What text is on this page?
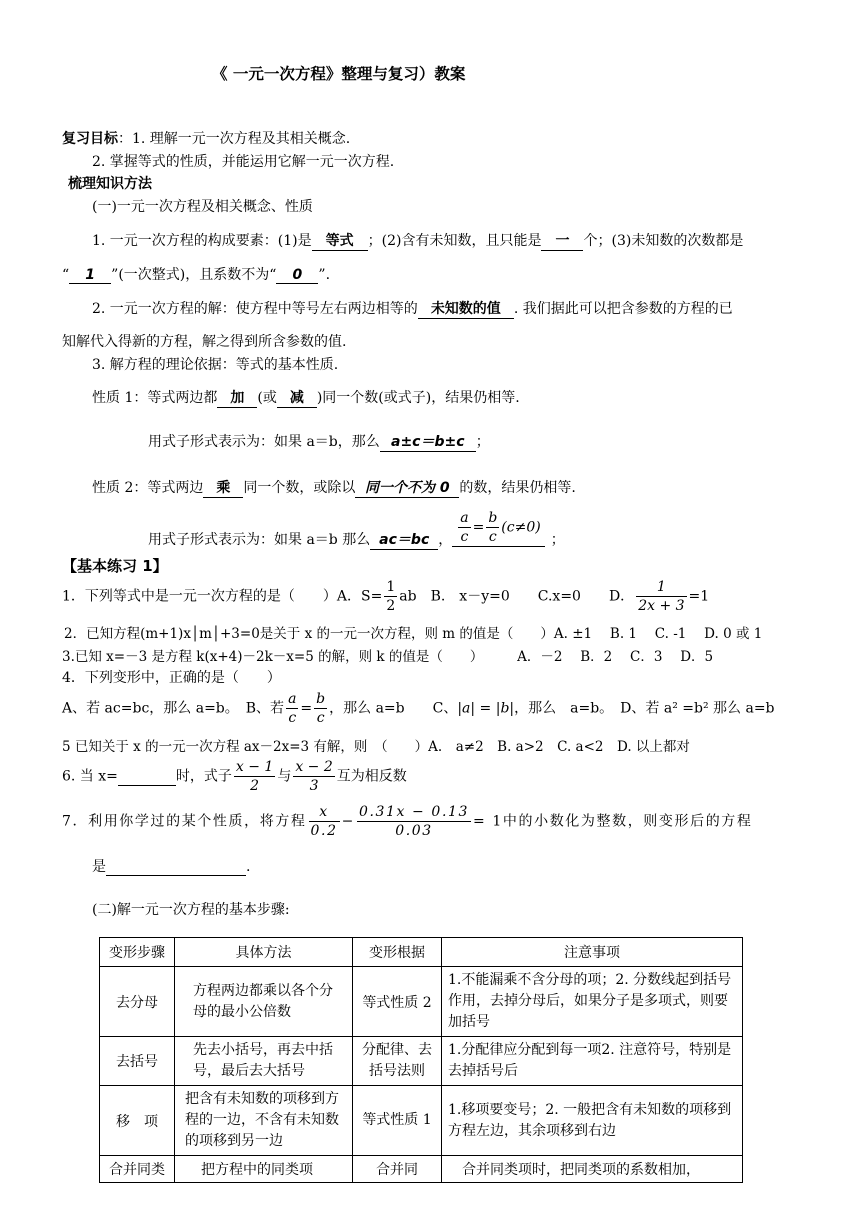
《 一元一次方程》整理与复习）教案
复习目标：1. 理解一元一次方程及其相关概念.
2. 掌握等式的性质，并能运用它解一元一次方程.
梳理知识方法
(一)一元一次方程及相关概念、性质
1. 一元一次方程的构成要素：(1)是 等式 ；(2)含有未知数，且只能是 一 个；(3)未知数的次数都是
“ 1 ”(一次整式)，且系数不为“ 0 ”.
2. 一元一次方程的解：使方程中等号左右两边相等的 未知数的值 . 我们据此可以把含参数的方程的已
知解代入得新的方程，解之得到所含参数的值.
3. 解方程的理论依据：等式的基本性质.
性质 1：等式两边都 加 (或 减 )同一个数(或式子)，结果仍相等.
用式子形式表示为：如果 a＝b，那么 a±c＝b±c ；
性质 2：等式两边 乘 同一个数，或除以 同一个不为 0 的数，结果仍相等.
用式子形式表示为：如果 a＝b 那么 ac＝bc ， $\frac{a}{c} = \frac{b}{c} (c\ne 0)$；
【基本练习 1】
1．下列等式中是一元一次方程的是（　　）A．$S= \frac{1}{2}$ ab　B.　x－y=0　　C.x=0　　D． $\frac{1}{2x + 3} =1$
2．已知方程(m+1)x│m│+3=0是关于 x 的一元一次方程，则 m 的值是（　　）A. ±1　 B. 1　 C. -1　 D. 0 或 1
3.已知 x=－3 是方程 k(x+4)－2k－x=5 的解，则 k 的值是（　　）　　　A．－2　 B．2　 C．3　 D．5
4．下列变形中，正确的是（　　）
A、若 ac=bc，那么 a=b。　B、若 $\frac{a}{c} = \frac{b}{c}$ ，那么 a=b　　C、|a| = |b|，那么　a=b。　D、若 a² =b² 那么 a=b
5 已知关于 x 的一元一次方程 ax－2x=3 有解，则　（　　）A.　a≠2　B. a>2　C. a<2　D. 以上都对
6. 当 x=	时，式子 $\frac{x - 1}{2}$ 与 $\frac{x - 2}{3}$ 互为相反数
7．利用你学过的某个性质，将方程 $\frac{x}{0.2} - \frac{0.31x - 0.13}{0.03} = 1$中的小数化为整数，则变形后的方程
是	.
(二)解一元一次方程的基本步骤:
变形步骤	具体方法	变形根据	注意事项
去分母	方程两边都乘以各个分母的最小公倍数	等式性质 2	1.不能漏乘不含分母的项；2. 分数线起到括号作用，去掉分母后，如果分子是多项式，则要加括号
去括号	先去小括号，再去中括号，最后去大括号	分配律、去括号法则	1.分配律应分配到每一项2. 注意符号，特别是去掉括号后
移　项	把含有未知数的项移到方程的一边，不含有未知数的项移到另一边	等式性质 1	1.移项要变号；2. 一般把含有未知数的项移到方程左边，其余项移到右边
合并同类	把方程中的同类项	合并同	合并同类项时，把同类项的系数相加，
